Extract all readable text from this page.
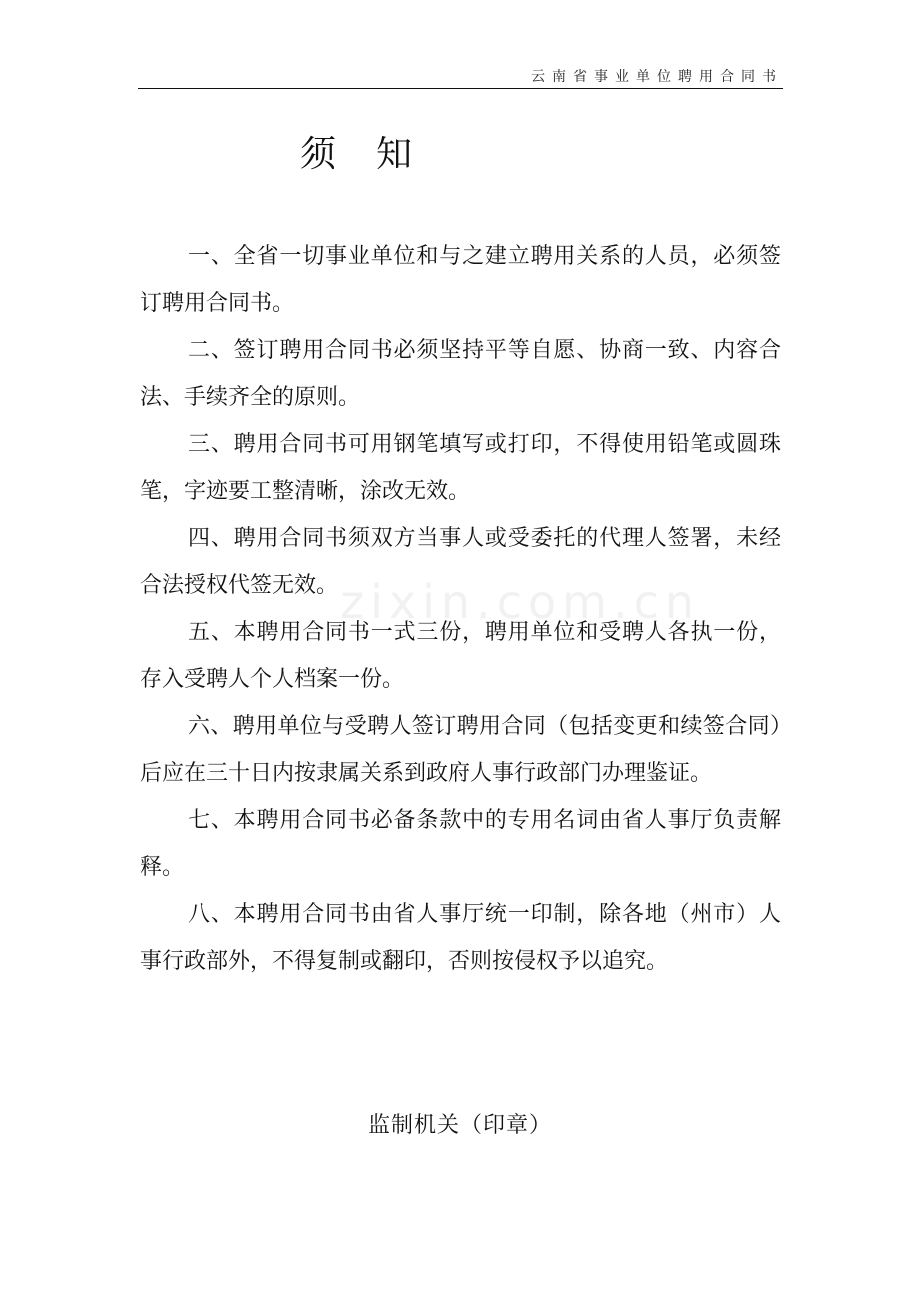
云南省事业单位聘用合同书
须知

一、全省一切事业单位和与之建立聘用关系的人员，必须签订聘用合同书。

二、签订聘用合同书必须坚持平等自愿、协商一致、内容合法、手续齐全的原则。

三、聘用合同书可用钢笔填写或打印，不得使用铅笔或圆珠笔，字迹要工整清晰，涂改无效。

四、聘用合同书须双方当事人或受委托的代理人签署，未经合法授权代签无效。

五、本聘用合同书一式三份，聘用单位和受聘人各执一份，存入受聘人个人档案一份。

六、聘用单位与受聘人签订聘用合同（包括变更和续签合同）后应在三十日内按隶属关系到政府人事行政部门办理鉴证。

七、本聘用合同书必备条款中的专用名词由省人事厅负责解释。

八、本聘用合同书由省人事厅统一印制，除各地（州市）人事行政部外，不得复制或翻印，否则按侵权予以追究。

监制机关（印章）
zixin.com.cn
